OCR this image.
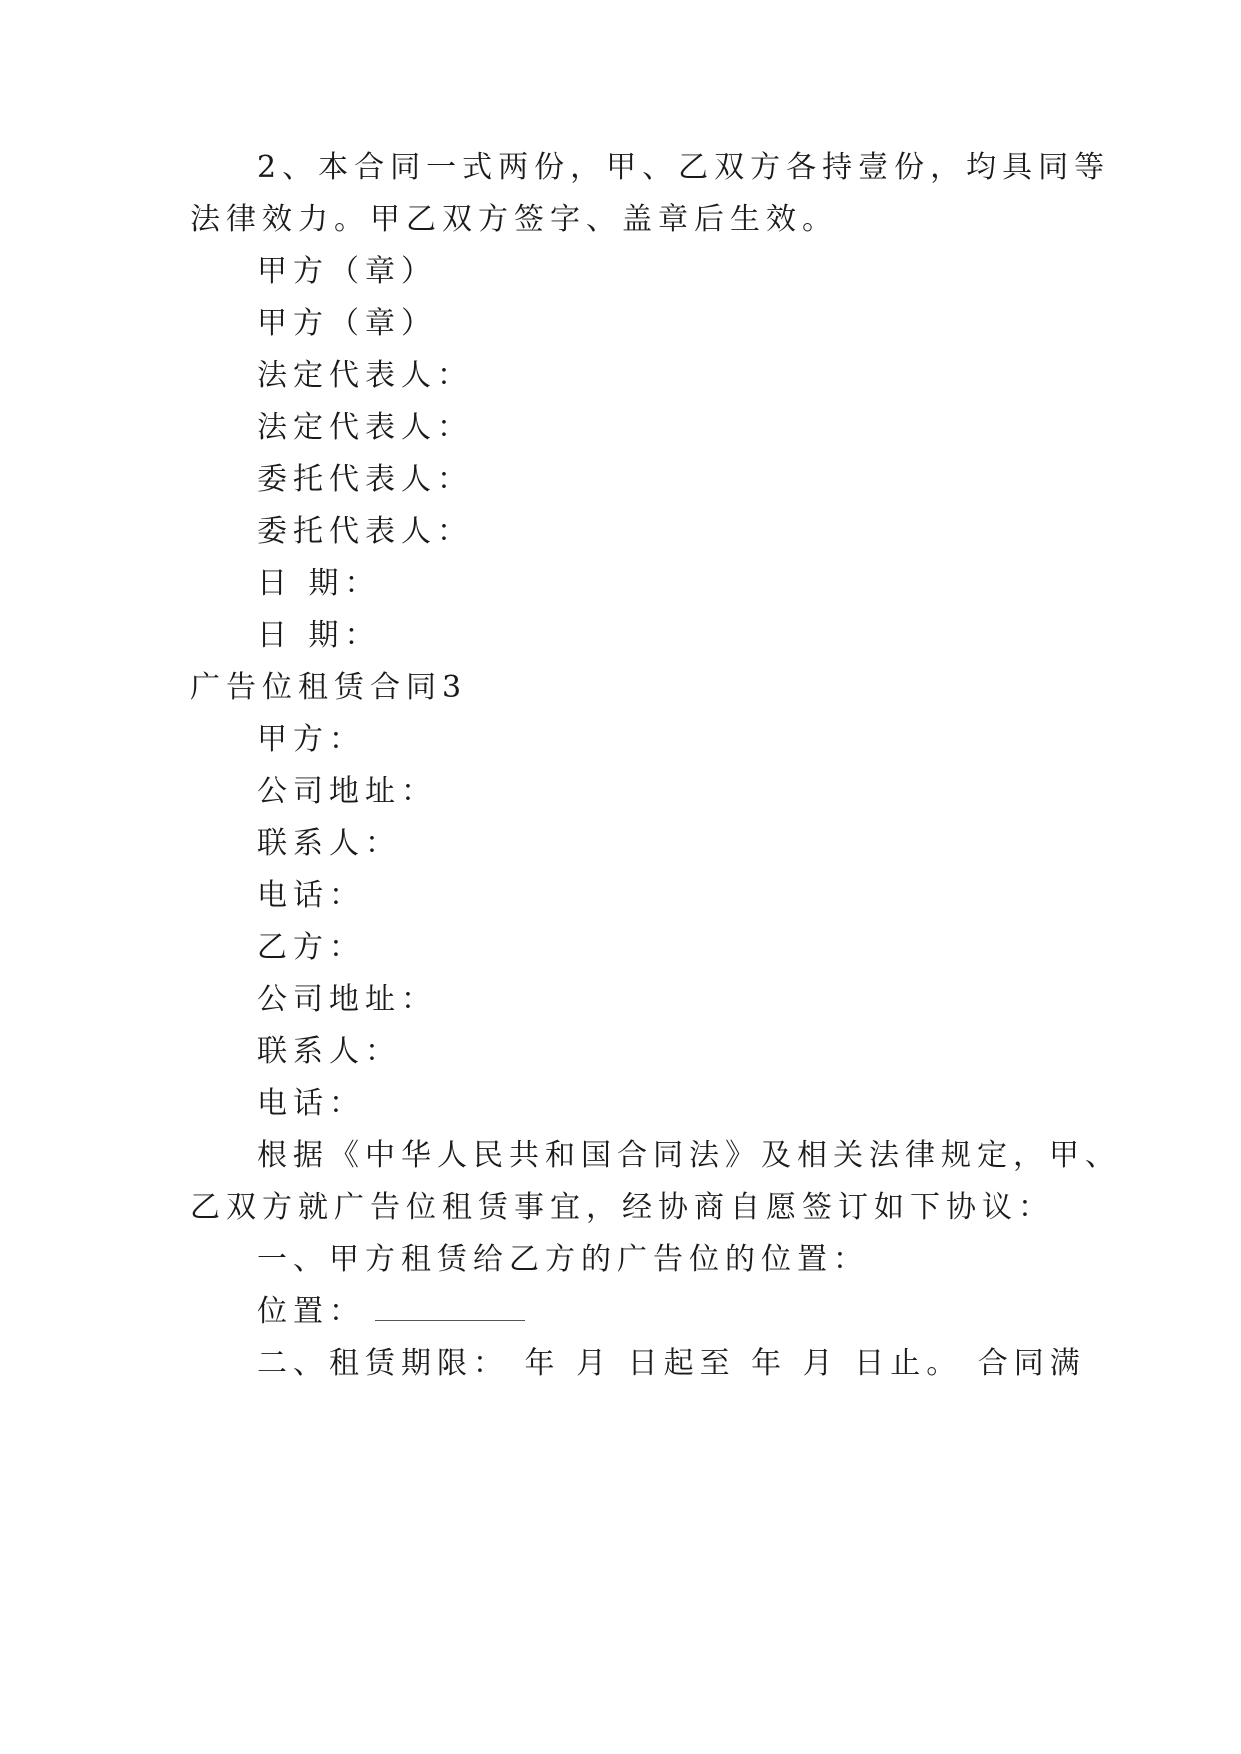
2、本合同一式两份，甲、乙双方各持壹份，均具同等
法律效力。甲乙双方签字、盖章后生效。
甲方（章）
甲方（章）
法定代表人：
法定代表人：
委托代表人：
委托代表人：
日 期：
日 期：
广告位租赁合同3
甲方：
公司地址：
联系人：
电话：
乙方：
公司地址：
联系人：
电话：
根据《中华人民共和国合同法》及相关法律规定，甲、
乙双方就广告位租赁事宜，经协商自愿签订如下协议：
一、甲方租赁给乙方的广告位的位置：
位置：
二、租赁期限： 年 月 日起至 年 月 日止。 合同满
